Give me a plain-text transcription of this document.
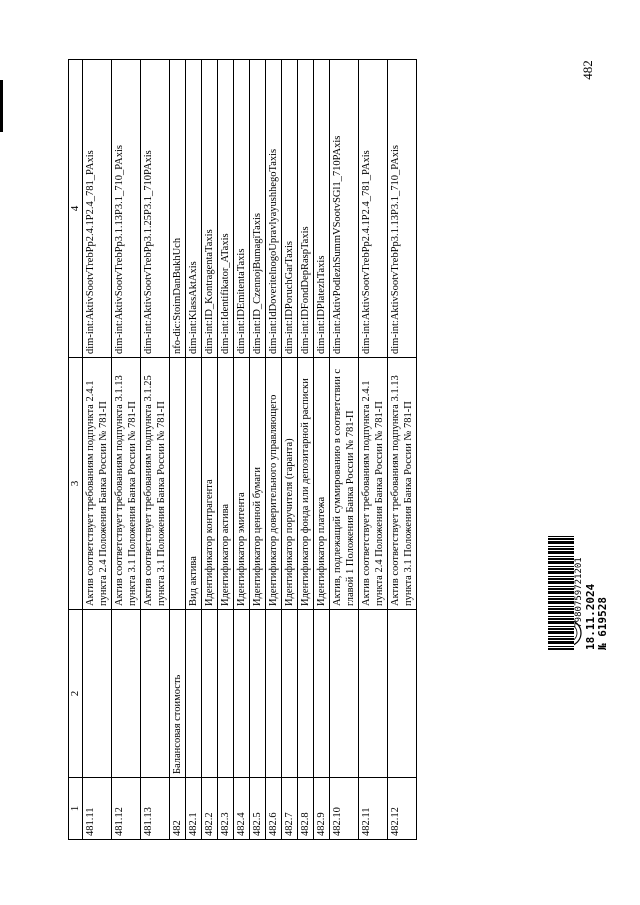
482
1	2	3	4
481.11		Актив соответствует требованиям подпункта 2.4.1 пункта 2.4 Положения Банка России № 781-П	dim-int:AktivSootvTrebPp2.4.1P2.4_781_PAxis
481.12		Актив соответствует требованиям подпункта 3.1.13 пункта 3.1 Положения Банка России № 781-П	dim-int:AktivSootvTrebPp3.1.13P3.1_710_PAxis
481.13		Актив соответствует требованиям подпункта 3.1.25 пункта 3.1 Положения Банка России № 781-П	dim-int:AktivSootvTrebPp3.1.25P3.1_710PAxis
482	Балансовая стоимость		nfo-dic:StoimDanBukhUch
482.1		Вид актива	dim-int:KlassAktAxis
482.2		Идентификатор контрагента	dim-int:ID_KontragentaTaxis
482.3		Идентификатор актива	dim-int:Identifikator_ATaxis
482.4		Идентификатор эмитента	dim-int:IDEmitentaTaxis
482.5		Идентификатор ценной бумаги	dim-int:ID_CzennojBumagiTaxis
482.6		Идентификатор доверительного управляющего	dim-int:IdDoveritelnogoUpravlyayushhegoTaxis
482.7		Идентификатор поручителя (гаранта)	dim-int:IDPoruchGarTaxis
482.8		Идентификатор фонда или депозитарной расписки	dim-int:IDFondDepRaspTaxis
482.9		Идентификатор платежа	dim-int:IDPlatezhTaxis
482.10		Актив, подлежащий суммированию в соответствии с главой 1 Положения Банка России № 781-П	dim-int:AktivPodlezhSummVSootvSGl1_710PAxis
482.11		Актив соответствует требованиям подпункта 2.4.1 пункта 2.4 Положения Банка России № 781-П	dim-int:AktivSootvTrebPp2.4.1P2.4_781_PAxis
482.12		Актив соответствует требованиям подпункта 3.1.13 пункта 3.1 Положения Банка России № 781-П	dim-int:AktivSootvTrebPp3.1.13P3.1_710_PAxis
7980759721201 18.11.2024 № 619528
